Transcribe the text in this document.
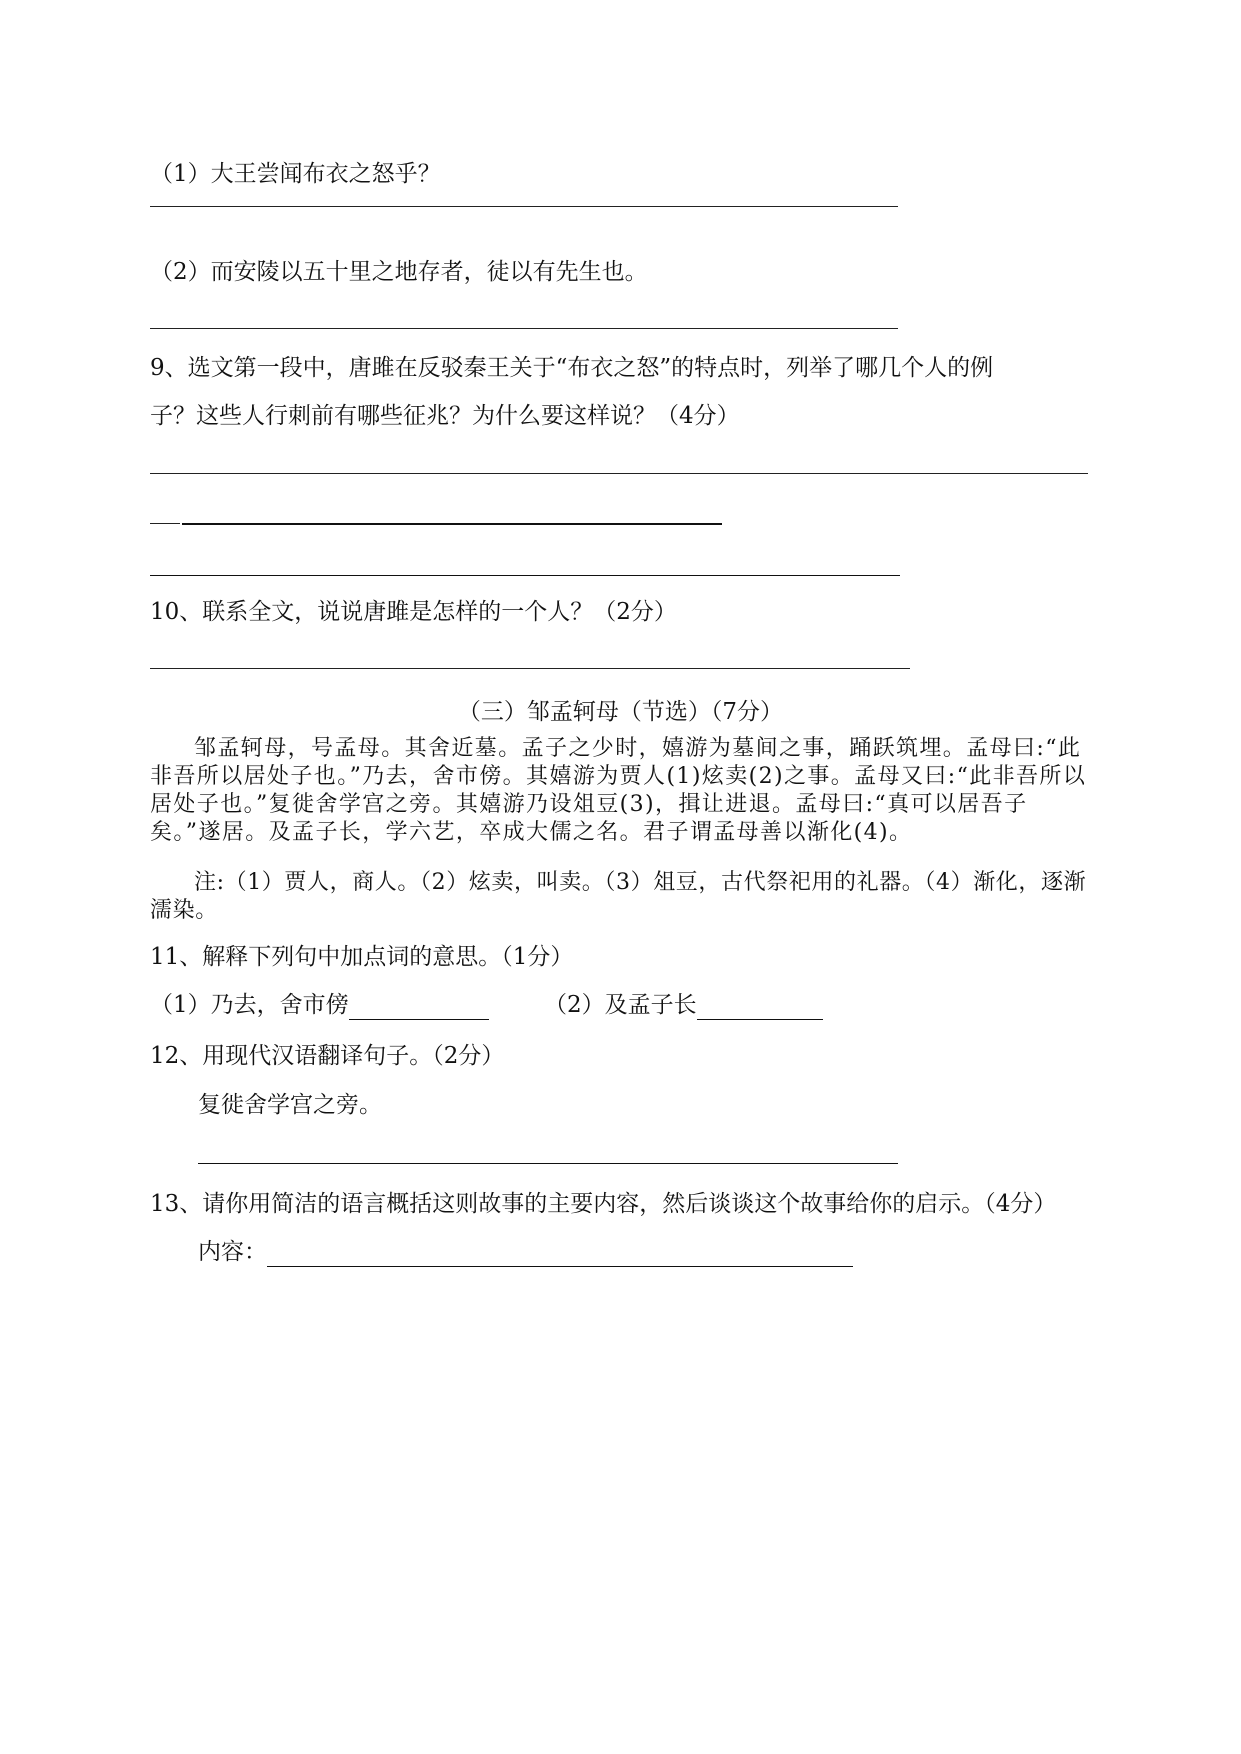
（1）大王尝闻布衣之怒乎？
（2）而安陵以五十里之地存者，徒以有先生也。
9、选文第一段中，唐雎在反驳秦王关于“布衣之怒”的特点时，列举了哪几个人的例
子？这些人行刺前有哪些征兆？为什么要这样说？（4分）
10、联系全文，说说唐雎是怎样的一个人？（2分）
（三）邹孟轲母（节选）（7分）
邹孟轲母，号孟母。其舍近墓。孟子之少时，嬉游为墓间之事，踊跃筑埋。孟母曰:“此非吾所以居处子也。”乃去，舍市傍。其嬉游为贾人(1)炫卖(2)之事。孟母又曰:“此非吾所以居处子也。”复徙舍学宫之旁。其嬉游乃设俎豆(3)，揖让进退。孟母曰:“真可以居吾子矣。”遂居。及孟子长，学六艺，卒成大儒之名。君子谓孟母善以渐化(4)。
注:（1）贾人，商人。（2）炫卖，叫卖。（3）俎豆，古代祭祀用的礼器。（4）渐化，逐渐濡染。
11、解释下列句中加点词的意思。（1分）
（1）乃去，舍市傍	（2）及孟子长
12、用现代汉语翻译句子。（2分）
复徙舍学宫之旁。
13、请你用简洁的语言概括这则故事的主要内容，然后谈谈这个故事给你的启示。（4分）
内容：
